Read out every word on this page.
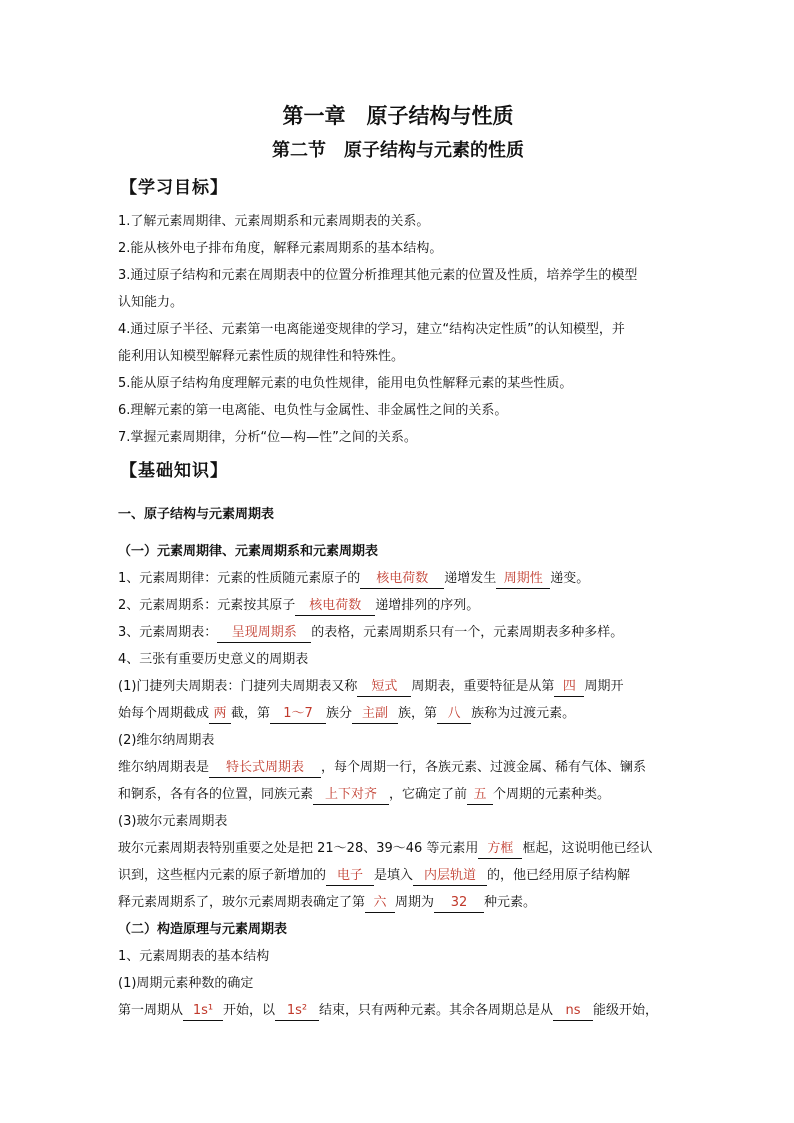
第一章　原子结构与性质
第二节　原子结构与元素的性质
【学习目标】
1.了解元素周期律、元素周期系和元素周期表的关系。
2.能从核外电子排布角度，解释元素周期系的基本结构。
3.通过原子结构和元素在周期表中的位置分析推理其他元素的位置及性质，培养学生的模型
认知能力。
4.通过原子半径、元素第一电离能递变规律的学习，建立“结构决定性质”的认知模型，并
能利用认知模型解释元素性质的规律性和特殊性。
5.能从原子结构角度理解元素的电负性规律，能用电负性解释元素的某些性质。
6.理解元素的第一电离能、电负性与金属性、非金属性之间的关系。
7.掌握元素周期律，分析“位—构—性”之间的关系。
【基础知识】
一、原子结构与元素周期表
（一）元素周期律、元素周期系和元素周期表
1、元素周期律：元素的性质随元素原子的 核电荷数 递增发生 周期性 递变。
2、元素周期系：元素按其原子 核电荷数 递增排列的序列。
3、元素周期表： 呈现周期系 的表格，元素周期系只有一个，元素周期表多种多样。
4、三张有重要历史意义的周期表
(1)门捷列夫周期表：门捷列夫周期表又称 短式 周期表，重要特征是从第 四 周期开
始每个周期截成 两 截，第 1～7 族分 主副 族，第 八 族称为过渡元素。
(2)维尔纳周期表
维尔纳周期表是 特长式周期表 ，每个周期一行，各族元素、过渡金属、稀有气体、镧系
和锕系，各有各的位置，同族元素 上下对齐 ，它确定了前 五 个周期的元素种类。
(3)玻尔元素周期表
玻尔元素周期表特别重要之处是把 21～28、39～46 等元素用 方框 框起，这说明他已经认
识到，这些框内元素的原子新增加的 电子 是填入 内层轨道 的，他已经用原子结构解
释元素周期系了，玻尔元素周期表确定了第 六 周期为 32 种元素。
（二）构造原理与元素周期表
1、元素周期表的基本结构
(1)周期元素种数的确定
第一周期从 1s¹ 开始，以 1s² 结束，只有两种元素。其余各周期总是从 ns 能级开始，
